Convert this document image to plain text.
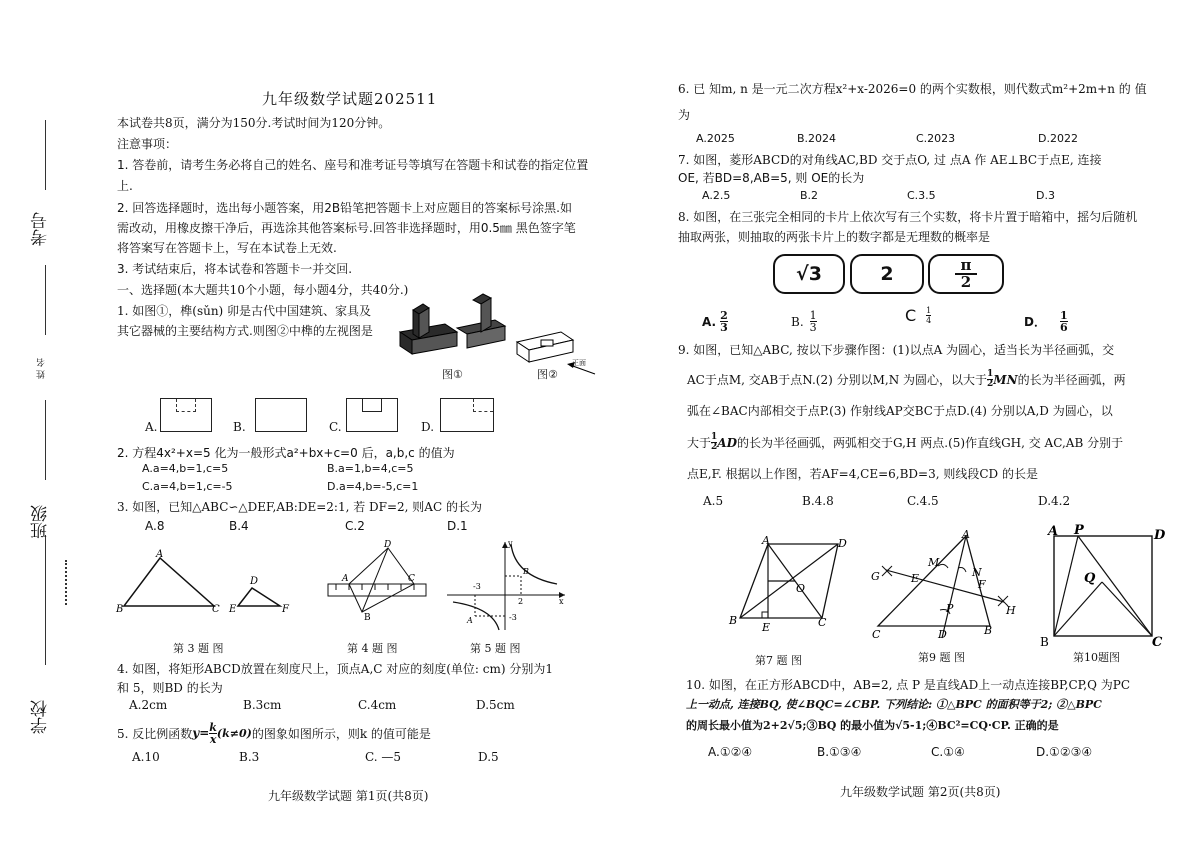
考号
姓 名
班级
学校
九年级数学试题202511
本试卷共8页，满分为150分.考试时间为120分钟。
注意事项：
1. 答卷前，请考生务必将自己的姓名、座号和准考证号等填写在答题卡和试卷的指定位置
上.
2. 回答选择题时，选出每小题答案，用2B铅笔把答题卡上对应题目的答案标号涂黑.如
需改动，用橡皮擦干净后，再选涂其他答案标号.回答非选择题时，用0.5㎜ 黑色签字笔
将答案写在答题卡上，写在本试卷上无效.
3. 考试结束后，将本试卷和答题卡一并交回.
一、选择题(本大题共10个小题，每小题4分，共40分.)
1. 如图①，榫(sǔn) 卯是古代中国建筑、家具及
其它器械的主要结构方式.则图②中榫的左视图是
图①	图②
正面
A.	B.	C.	D.
2. 方程4x²+x=5 化为一般形式a²+bx+c=0 后，a,b,c 的值为
A.a=4,b=1,c=5	B.a=1,b=4,c=5
C.a=4,b=1,c=-5	D.a=4,b=-5,c=1
3. 如图，已知△ABC∽△DEF,AB:DE=2:1, 若 DF=2, 则AC 的长为
A.8	B.4	C.2	D.1
A
B	C
D
E	F
第 3 题 图
A
D
C
B
第 4 题 图
y
x
-3
2
-3
B
A
第 5 题 图
4. 如图，将矩形ABCD放置在刻度尺上，顶点A,C 对应的刻度(单位: cm) 分别为1
和 5，则BD 的长为
A.2cm	B.3cm	C.4cm	D.5cm
5. 反比例函数 $y= \frac{k}{x} (k\ne 0)$ 的图象如图所示，则k 的值可能是
A.10	B.3	C. —5	D.5
九年级数学试题 第1页(共8页)
6. 已 知m, n 是一元二次方程x²+x-2026=0 的两个实数根，则代数式m²+2m+n 的 值
为
A.2025	B.2024	C.2023	D.2022
7. 如图，菱形ABCD的对角线AC,BD 交于点O, 过 点A 作 AE⊥BC于点E, 连接
OE, 若BD=8,AB=5, 则 OE的长为
A.2.5	B.2	C.3.5	D.3
8. 如图，在三张完全相同的卡片上依次写有三个实数，将卡片置于暗箱中，摇匀后随机
抽取两张，则抽取的两张卡片上的数字都是无理数的概率是
√3	2	π
2
A. $\frac{2}{3}$	B. $\frac{1}{3}$	C $\frac{1}{4}$	D． $\frac{1}{6}$
9. 如图，已知△ABC, 按以下步骤作图：(1)以点A 为圆心，适当长为半径画弧，交
AC于点M, 交AB于点N.(2) 分别以M,N 为圆心，以大于 $\frac{1}{2}$ MN 的长为半径画弧，两
弧在∠BAC内部相交于点P.(3) 作射线AP交BC于点D.(4) 分别以A,D 为圆心，以
大于 $\frac{1}{2}$ AD 的长为半径画弧，两弧相交于G,H 两点.(5)作直线GH, 交 AC,AB 分别于
点E,F. 根据以上作图，若AF=4,CE=6,BD=3, 则线段CD 的长是
A.5	B.4.8	C.4.5	D.4.2
A	D
B
E	C
O
第7 题 图
A
G	E
M
N
F
P	H
C	D	B
第9 题 图
A P	D
Q
B	C
第10题图
10. 如图，在正方形ABCD中，AB=2, 点 P 是直线AD上一动点连接BP,CP,Q 为PC
上一动点, 连接BQ, 使∠BQC=∠CBP. 下列结论: ①△BPC 的面积等于2; ②△BPC
的周长最小值为2+2√5;③BQ 的最小值为√5-1;④BC²=CQ·CP. 正确的是
A.①②④	B.①③④	C.①④	D.①②③④
九年级数学试题 第2页(共8页)
